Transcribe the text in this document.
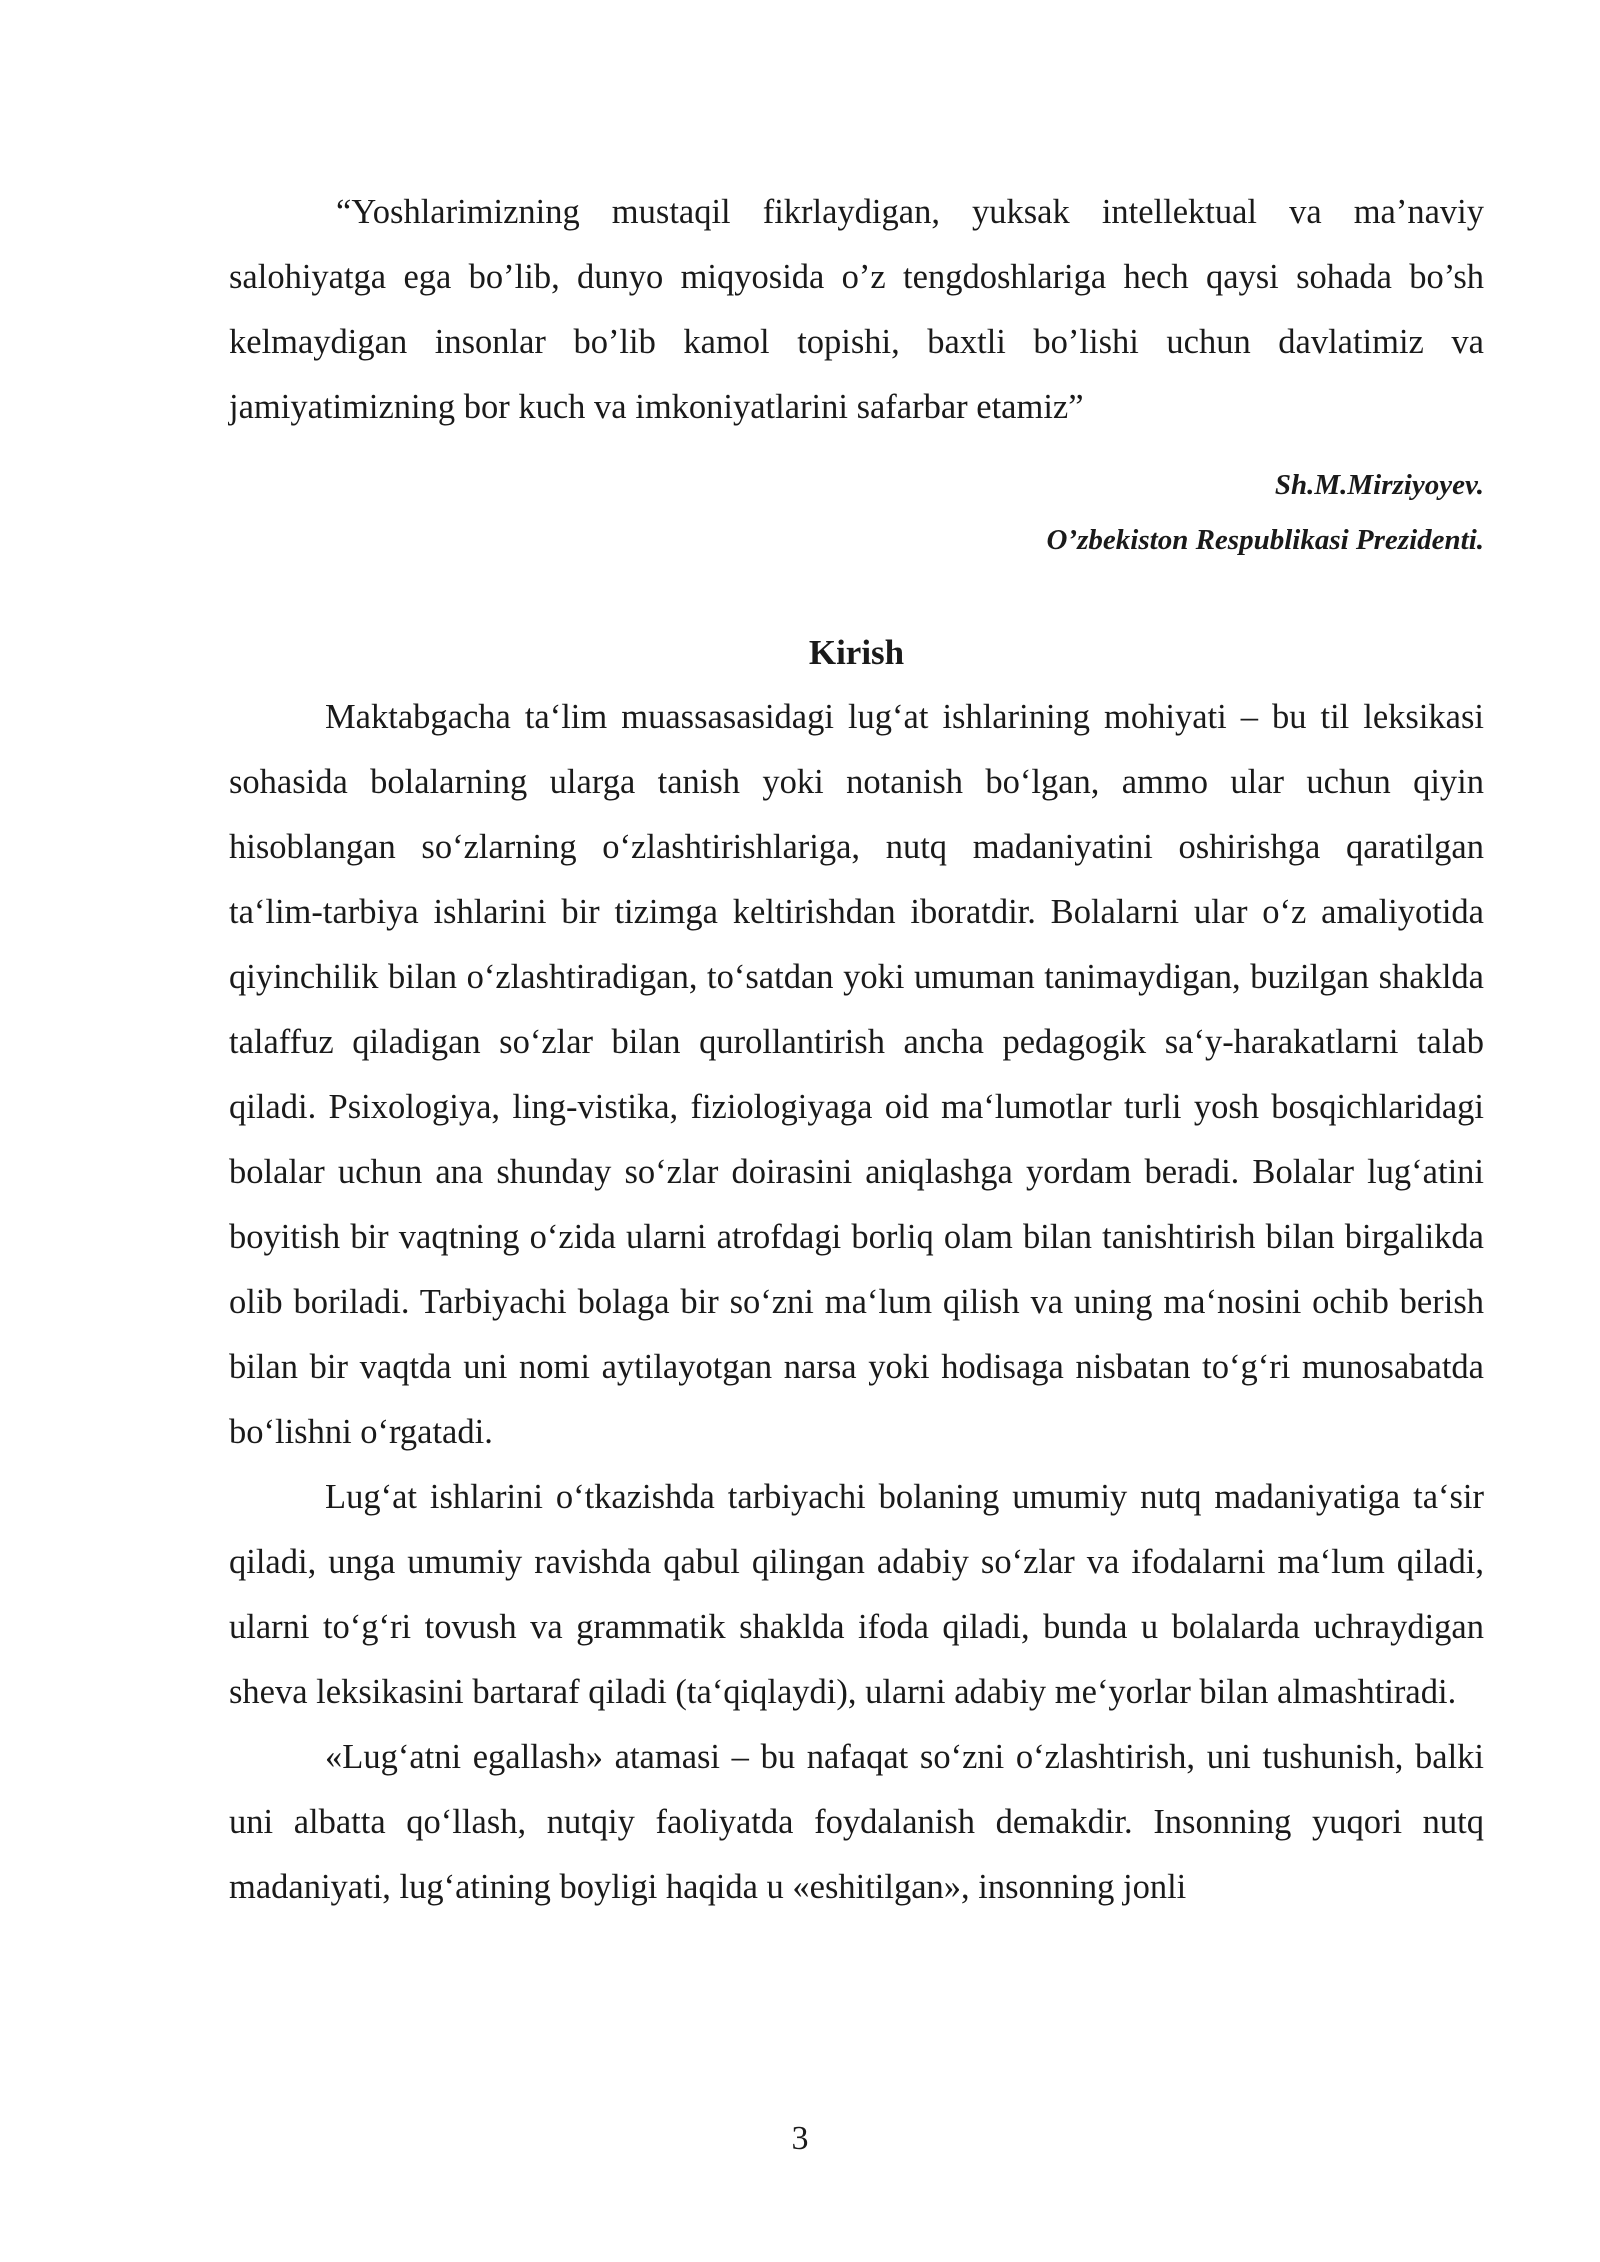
“Yoshlarimizning mustaqil fikrlaydigan, yuksak intellektual va ma’naviy salohiyatga ega bo’lib, dunyo miqyosida o’z tengdoshlariga hech qaysi sohada bo’sh kelmaydigan insonlar bo’lib kamol topishi, baxtli bo’lishi uchun davlatimiz va jamiyatimizning bor kuch va imkoniyatlarini safarbar etamiz”

Sh.M.Mirziyoyev.

O’zbekiston Respublikasi Prezidenti.

Kirish

Maktabgacha ta‘lim muassasasidagi lug‘at ishlarining mohiyati – bu til leksikasi sohasida bolalarning ularga tanish yoki notanish bo‘lgan, ammo ular uchun qiyin hisoblangan so‘zlarning o‘zlashtirishlariga, nutq madaniyatini oshirishga qaratilgan ta‘lim-tarbiya ishlarini bir tizimga keltirishdan iboratdir. Bolalarni ular o‘z amaliyotida qiyinchilik bilan o‘zlashtiradigan, to‘satdan yoki umuman tanimaydigan, buzilgan shaklda talaffuz qiladigan so‘zlar bilan qurollantirish ancha pedagogik sa‘y-harakatlarni talab qiladi. Psixologiya, ling-vistika, fiziologiyaga oid ma‘lumotlar turli yosh bosqichlaridagi bolalar uchun ana shunday so‘zlar doirasini aniqlashga yordam beradi. Bolalar lug‘atini boyitish bir vaqtning o‘zida ularni atrofdagi borliq olam bilan tanishtirish bilan birgalikda olib boriladi. Tarbiyachi bolaga bir so‘zni ma‘lum qilish va uning ma‘nosini ochib berish bilan bir vaqtda uni nomi aytilayotgan narsa yoki hodisaga nisbatan to‘g‘ri munosabatda bo‘lishni o‘rgatadi.

Lug‘at ishlarini o‘tkazishda tarbiyachi bolaning umumiy nutq madaniyatiga ta‘sir qiladi, unga umumiy ravishda qabul qilingan adabiy so‘zlar va ifodalarni ma‘lum qiladi, ularni to‘g‘ri tovush va grammatik shaklda ifoda qiladi, bunda u bolalarda uchraydigan sheva leksikasini bartaraf qiladi (ta‘qiqlaydi), ularni adabiy me‘yorlar bilan almashtiradi.

«Lug‘atni egallash» atamasi – bu nafaqat so‘zni o‘zlashtirish, uni tushunish, balki uni albatta qo‘llash, nutqiy faoliyatda foydalanish demakdir. Insonning yuqori nutq madaniyati, lug‘atining boyligi haqida u «eshitilgan», insonning jonli

3
